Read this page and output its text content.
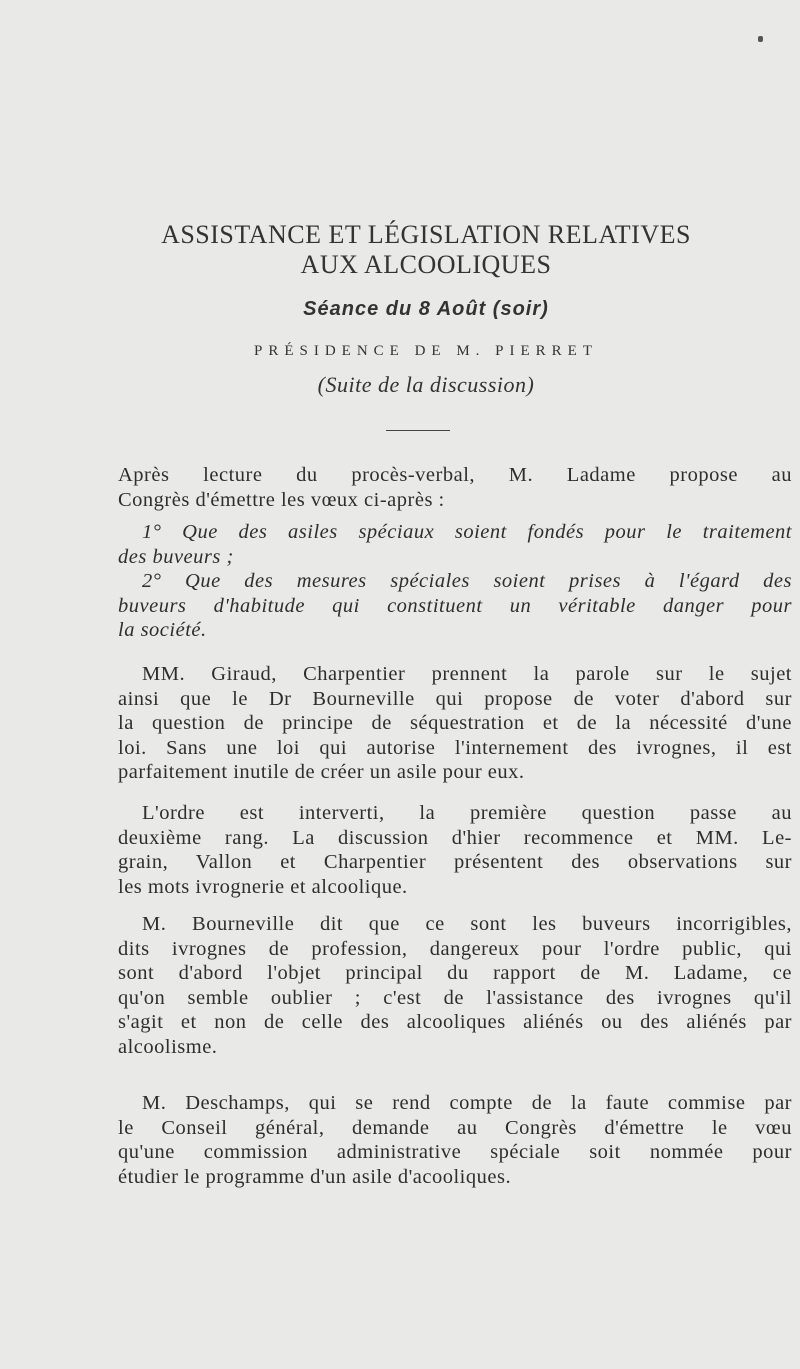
ASSISTANCE ET LÉGISLATION RELATIVES
AUX ALCOOLIQUES
Séance du 8 Août (soir)
PRÉSIDENCE DE M. PIERRET
(Suite de la discussion)
Après lecture du procès-verbal, M. Ladame propose au
Congrès d'émettre les vœux ci-après :
1° Que des asiles spéciaux soient fondés pour le traitement
des buveurs ;
2° Que des mesures spéciales soient prises à l'égard des
buveurs d'habitude qui constituent un véritable danger pour
la société.
MM. Giraud, Charpentier prennent la parole sur le sujet
ainsi que le Dr Bourneville qui propose de voter d'abord sur
la question de principe de séquestration et de la nécessité d'une
loi. Sans une loi qui autorise l'internement des ivrognes, il est
parfaitement inutile de créer un asile pour eux.
L'ordre est interverti, la première question passe au
deuxième rang. La discussion d'hier recommence et MM. Le-
grain, Vallon et Charpentier présentent des observations sur
les mots ivrognerie et alcoolique.
M. Bourneville dit que ce sont les buveurs incorrigibles,
dits ivrognes de profession, dangereux pour l'ordre public, qui
sont d'abord l'objet principal du rapport de M. Ladame, ce
qu'on semble oublier ; c'est de l'assistance des ivrognes qu'il
s'agit et non de celle des alcooliques aliénés ou des aliénés par
alcoolisme.
M. Deschamps, qui se rend compte de la faute commise par
le Conseil général, demande au Congrès d'émettre le vœu
qu'une commission administrative spéciale soit nommée pour
étudier le programme d'un asile d'acooliques.
